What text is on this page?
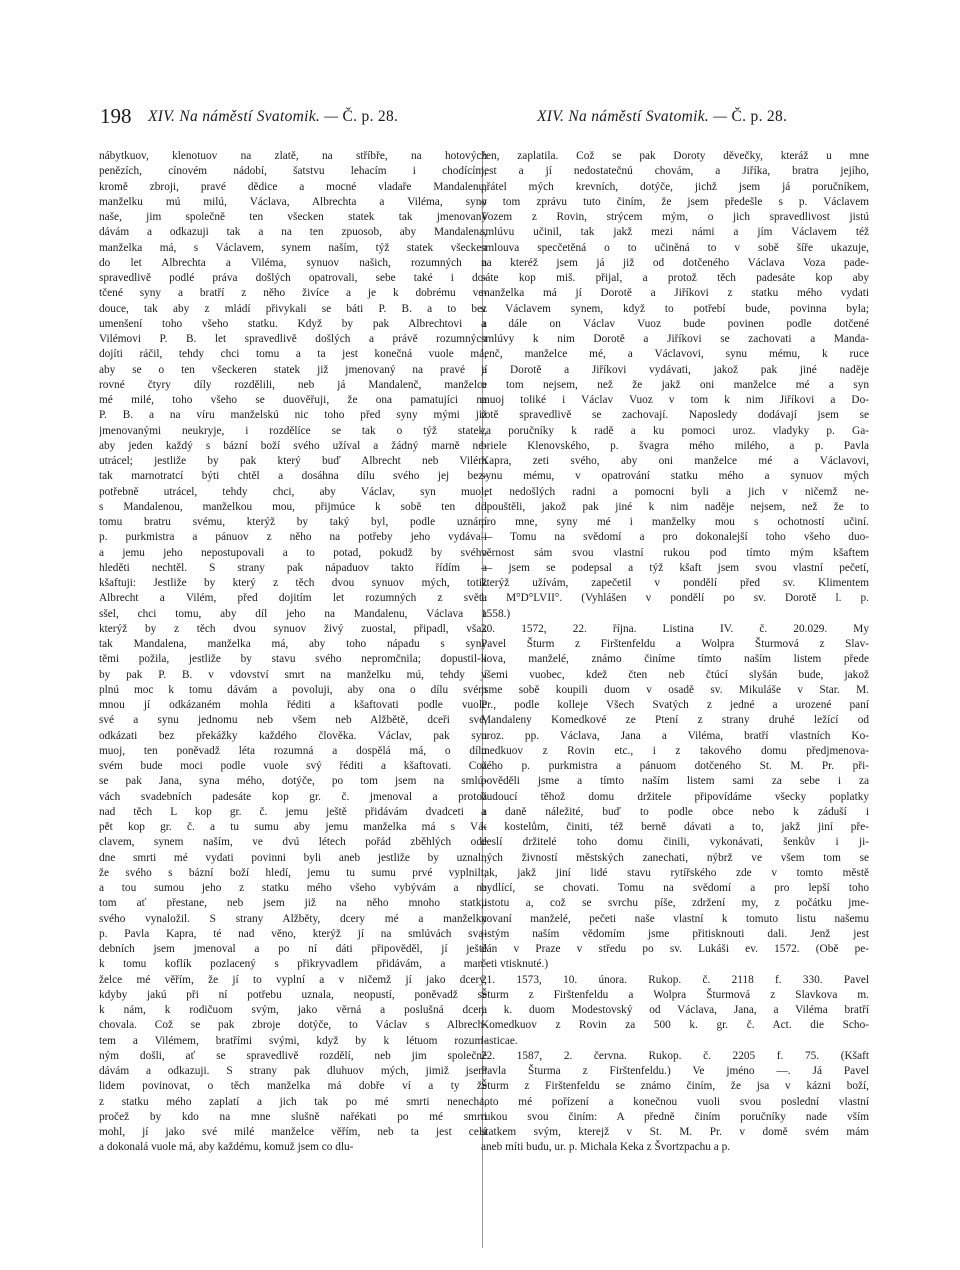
198 XIV. Na náměstí Svatomik. — Č. p. 28.	XIV. Na náměstí Svatomik. — Č. p. 28.
nábytkuov, klenotuov na zlatě, na stříbře, na hotových
penězích, cínovém nádobí, šatstvu lehacím i chodícím,
kromě zbroji, pravé dědice a mocné vladaře Mandalenu,
manželku mú milú, Václava, Albrechta a Viléma, syny
naše, jim společně ten všecken statek tak jmenovaný
dávám a odkazuji tak a na ten zpuosob, aby Mandalena,
manželka má, s Václavem, synem naším, týž statek všecken
do let Albrechta a Viléma, synuov našich, rozumných a
spravedlivě podlé práva došlých opatrovali, sebe také i do-
tčené syny a bratří z něho živíce a je k dobrému ve-
douce, tak aby z mládí přivykali se báti P. B. a to bez
umenšení toho všeho statku. Když by pak Albrechtovi a
Vilémovi P. B. let spravedlivě došlých a právě rozumných
dojíti ráčil, tehdy chci tomu a ta jest konečná vuole má,
aby se o ten všeckeren statek již jmenovaný na pravé a
rovné čtyry díly rozdělili, neb já Mandalenč, manželce
mé milé, toho všeho se duověřuji, že ona pamatujíci na
P. B. a na víru manželskú nic toho před syny mými již
jmenovanými neukryje, i rozdělíce se tak o týž statek,
aby jeden každý s bázní boží svého užíval a žádný marně ne-
utrácel; jestliže by pak který buď Albrecht neb Vilém
tak marnotratcí býti chtěl a dosáhna dílu svého jej bez-
potřebně utrácel, tehdy chci, aby Václav, syn muoj,
s Mandalenou, manželkou mou, přijmúce k sobě ten díl
tomu bratru svému, kterýž by taký byl, podle uznání
p. purkmistra a pánuov z něho na potřeby jeho vydávali
a jemu jeho nepostupovali a to potad, pokudž by svého
hleděti nechtěl. S strany pak nápaduov takto řídím a
kšaftuji: Jestliže by který z těch dvou synuov mých, totiž
Albrecht a Vilém, před dojitím let rozumných z světa
sšel, chci tomu, aby díl jeho na Mandalenu, Václava a
kterýž by z těch dvou synuov živý zuostal, připadl, však
tak Mandalena, manželka má, aby toho nápadu s syny
těmi požila, jestliže by stavu svého nepromčnila; dopustil-li
by pak P. B. v vdovství smrt na manželku mú, tehdy jí
plnú moc k tomu dávám a povoluji, aby ona o dílu svém
mnou jí odkázaném mohla řéditi a kšaftovati podle vuole
své a synu jednomu neb všem neb Alžbětě, dceři své,
odkázati bez překážky každého člověka. Václav, pak syn
muoj, ten poněvadž léta rozumná a dospělá má, o dílu
svém bude moci podle vuole svý řéditi a kšaftovati. Což
se pak Jana, syna mého, dotýče, po tom jsem na smlú-
vách svadebních padesáte kop gr. č. jmenoval a protož
nad těch L kop gr. č. jemu ještě přidávám dvadceti a
pět kop gr. č. a tu sumu aby jemu manželka má s Vá-
clavem, synem naším, ve dvú létech pořád zběhlých ode
dne smrti mé vydati povinni byli aneb jestliže by uznali,
že svého s bázní boží hledí, jemu tu sumu prvé vyplnili;
a tou sumou jeho z statku mého všeho vybývám a na
tom ať přestane, neb jsem již na něho mnoho statku
svého vynaložil. S strany Alžběty, dcery mé a manželky
p. Pavla Kapra, té nad věno, kterýž jí na smlúvách sva-
debních jsem jmenoval a po ní dáti připověděl, jí ještě
k tomu koflík pozlacený s přikryvadlem přidávám, a man-
želce mé věřím, že jí to vyplní a v ničemž jí jako dcery,
kdyby jakú při ní potřebu uznala, neopustí, poněvadž se
k nám, k rodičuom svým, jako věrná a poslušná dcera
chovala. Což se pak zbroje dotýče, to Václav s Albrech-
tem a Vilémem, bratřími svými, když by k létuom rozum-
ným došli, ať se spravedlivě rozdělí, neb jim společně
dávám a odkazuji. S strany pak dluhuov mých, jimiž jsem
lidem povinovat, o těch manželka má dobře ví a ty že
z statku mého zaplatí a jich tak po mé smrti nenechá,
pročež by kdo na mne slušně nařékati po mé smrti
mohl, jí jako své milé manželce věřím, neb ta jest celá
a dokonalá vuole má, aby každému, komuž jsem co dlu-
žen, zaplatila. Což se pak Doroty děvečky, kteráž u mne
jest a jí nedostatečnú chovám, a Jiříka, bratra jejího,
přátel mých krevních, dotýče, jichž jsem já poručníkem,
o tom zprávu tuto činím, že jsem předešle s p. Václavem
Vozem z Rovin, strýcem mým, o jich spravedlivost jistú
smlúvu učinil, tak jakž mezi námi a jím Václavem též
smlouva specčetěná o to učiněná to v sobě šíře ukazuje,
na kteréž jsem já již od dotčeného Václava Voza pade-
sáte kop miš. přijal, a protož těch padesáte kop aby
manželka má jí Dorotě a Jiříkovi z statku mého vydati
s Václavem synem, když to potřebí bude, povinna byla;
a dále on Václav Vuoz bude povinen podle dotčené
smlúvy k nim Dorotě a Jiříkovi se zachovati a Manda-
lenč, manželce mé, a Václavovi, synu mému, k ruce
jí Dorotě a Jiříkovi vydávati, jakož pak jiné naděje
o tom nejsem, než že jakž oni manželce mé a syn
muoj toliké i Václav Vuoz v tom k nim Jiříkovi a Do-
rotě spravedlivě se zachovají. Naposledy dodávají jsem se
za poručníky k radě a ku pomoci uroz. vladyky p. Ga-
briele Klenovského, p. švagra mého milého, a p. Pavla
Kapra, zeti svého, aby oni manželce mé a Václavovi,
synu mému, v opatrování statku mého a synuov mých
let nedošlých radni a pomocni byli a jich v ničemž ne-
opouštěli, jakož pak jiné k nim naděje nejsem, než že to
pro mne, syny mé i manželky mou s ochotností učiní.
— Tomu na svědomí a pro dokonalejší toho všeho duo-
věrnost sám svou vlastní rukou pod tímto mým kšaftem
— jsem se podepsal a týž kšaft jsem svou vlastní pečetí,
kterýž užívám, zapečetil v pondělí před sv. Klimentem
l. M°D°LVII°. (Vyhlášen v pondělí po sv. Dorotě l. p.
1558.)
20. 1572, 22. října. Listina IV. č. 20.029. My
Pavel Šturm z Firštenfeldu a Wolpra Šturmová z Slav-
kova, manželé, známo činíme tímto naším listem přede
všemi vuobec, kdež čten neb čtúcí slyšán bude, jakož
jsme sobě koupili duom v osadě sv. Mikuláše v Star. M.
Pr., podle kolleje Všech Svatých z jedné a urozené paní
Mandaleny Komedkové ze Ptení z strany druhé ležící od
uroz. pp. Václava, Jana a Viléma, bratří vlastních Ko-
medkuov z Rovin etc., i z takového domu předjmenova-
ného p. purkmistra a pánuom dotčeného St. M. Pr. při-
pověděli jsme a tímto naším listem sami za sebe i za
budoucí těhož domu držitele připovídáme všecky poplatky
a daně náležité, buď to podle obce nebo k záduší i
k kostelům, činiti, též berně dávati a to, jakž jiní pře-
deslí držitelé toho domu činili, vykonávati, šenkův i ji-
ných živností městských zanechati, nýbrž ve všem tom se
tak, jakž jiní lidé stavu rytířského zde v tomto městě
bydlící, se chovati. Tomu na svědomí a pro lepší toho
jistotu a, což se svrchu píše, zdržení my, z počátku jme-
novaní manželé, pečeti naše vlastní k tomuto listu našemu
jistým naším vědomím jsme přitisknouti dali. Jenž jest
dán v Praze v středu po sv. Lukáši ev. 1572. (Obě pe-
četi vtisknuté.)
21. 1573, 10. února. Rukop. č. 2118 f. 330. Pavel
Šturm z Firštenfeldu a Wolpra Šturmová z Slavkova m.
j. k. duom Modestovský od Václava, Jana, a Viléma bratří
Komedkuov z Rovin za 500 k. gr. č. Act. die Scho-
lasticae.
22. 1587, 2. června. Rukop. č. 2205 f. 75. (Kšaft
Pavla Šturma z Firštenfeldu.) Ve jméno —. Já Pavel
Šturm z Firštenfeldu se známo činím, že jsa v kázni boží,
toto mé pořízení a konečnou vuoli svou poslední vlastní
rukou svou činím: A předně činím poručníky nade vším
statkem svým, kterejž v St. M. Pr. v domě svém mám
aneb míti budu, ur. p. Michala Keka z Švortzpachu a p.
